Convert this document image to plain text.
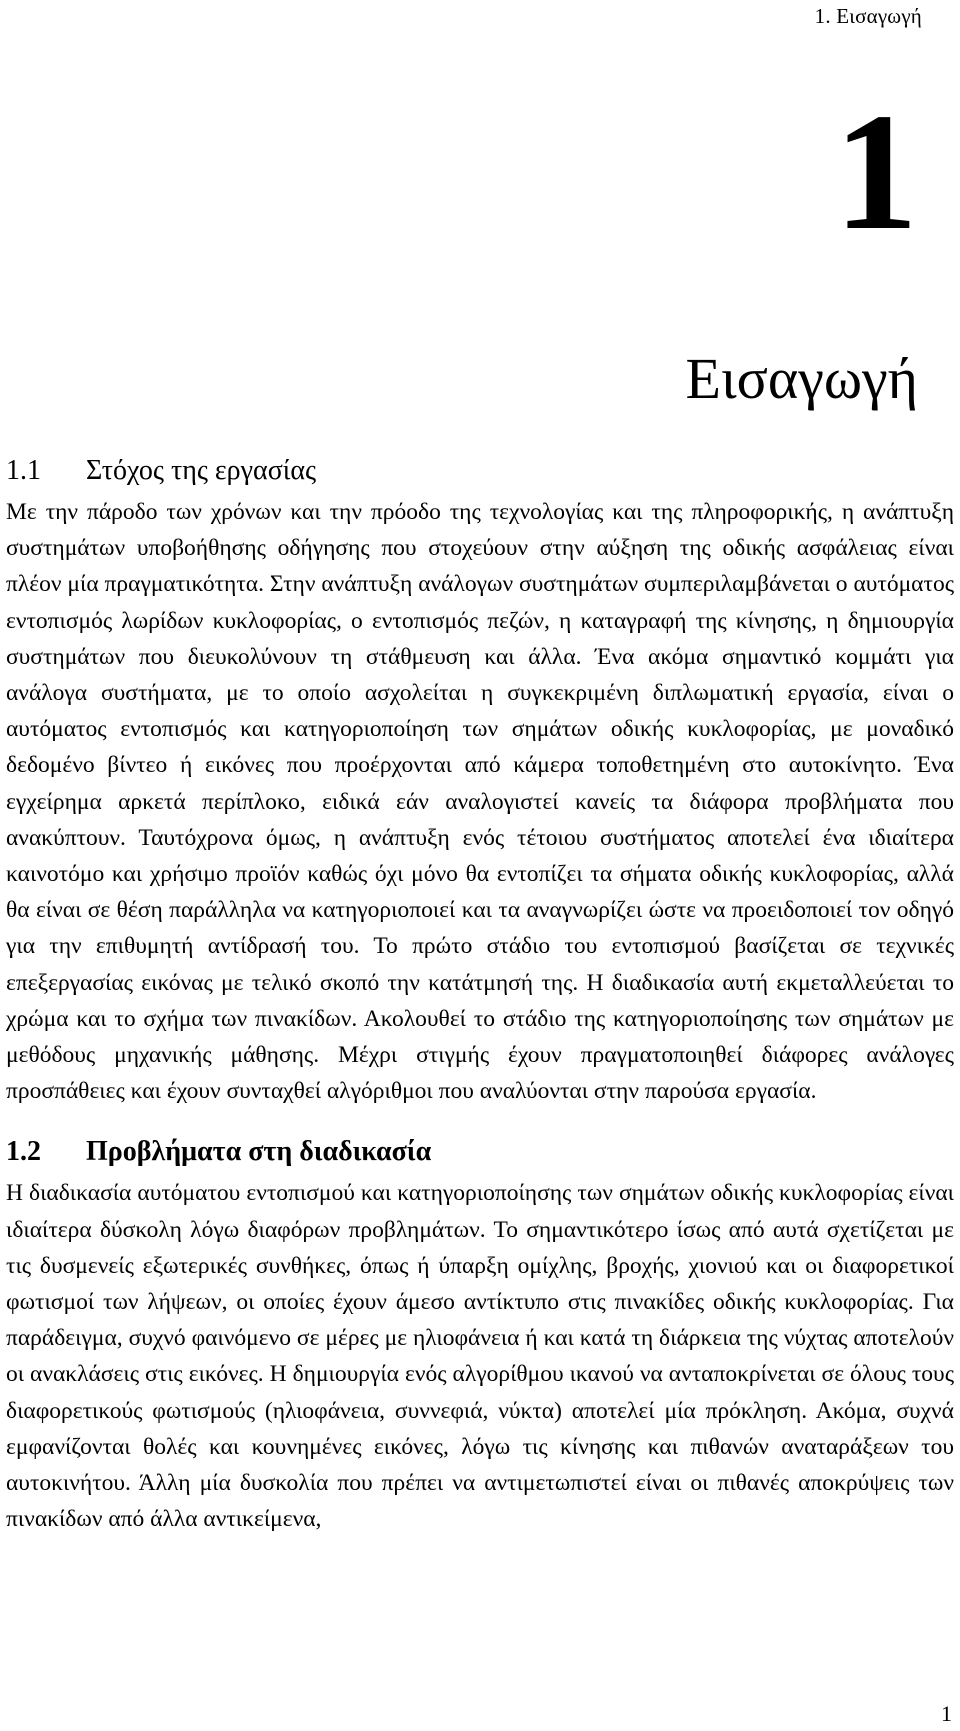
1. Εισαγωγή
1
Εισαγωγή
1.1	Στόχος της εργασίας

Με την πάροδο των χρόνων και την πρόοδο της τεχνολογίας και της πληροφορικής, η ανάπτυξη συστημάτων υποβοήθησης οδήγησης που στοχεύουν στην αύξηση της οδικής ασφάλειας είναι πλέον μία πραγματικότητα. Στην ανάπτυξη ανάλογων συστημάτων συμπεριλαμβάνεται ο αυτόματος εντοπισμός λωρίδων κυκλοφορίας, ο εντοπισμός πεζών, η καταγραφή της κίνησης, η δημιουργία συστημάτων που διευκολύνουν τη στάθμευση και άλλα. Ένα ακόμα σημαντικό κομμάτι για ανάλογα συστήματα, με το οποίο ασχολείται η συγκεκριμένη διπλωματική εργασία, είναι ο αυτόματος εντοπισμός και κατηγοριοποίηση των σημάτων οδικής κυκλοφορίας, με μοναδικό δεδομένο βίντεο ή εικόνες που προέρχονται από κάμερα τοποθετημένη στο αυτοκίνητο. Ένα εγχείρημα αρκετά περίπλοκο, ειδικά εάν αναλογιστεί κανείς τα διάφορα προβλήματα που ανακύπτουν. Ταυτόχρονα όμως, η ανάπτυξη ενός τέτοιου συστήματος αποτελεί ένα ιδιαίτερα καινοτόμο και χρήσιμο προϊόν καθώς όχι μόνο θα εντοπίζει τα σήματα οδικής κυκλοφορίας, αλλά θα είναι σε θέση παράλληλα να κατηγοριοποιεί και τα αναγνωρίζει ώστε να προειδοποιεί τον οδηγό για την επιθυμητή αντίδρασή του. Το πρώτο στάδιο του εντοπισμού βασίζεται σε τεχνικές επεξεργασίας εικόνας με τελικό σκοπό την κατάτμησή της. Η διαδικασία αυτή εκμεταλλεύεται το χρώμα και το σχήμα των πινακίδων. Ακολουθεί το στάδιο της κατηγοριοποίησης των σημάτων με μεθόδους μηχανικής μάθησης. Μέχρι στιγμής έχουν πραγματοποιηθεί διάφορες ανάλογες προσπάθειες και έχουν συνταχθεί αλγόριθμοι που αναλύονται στην παρούσα εργασία.

1.2	Προβλήματα στη διαδικασία

Η διαδικασία αυτόματου εντοπισμού και κατηγοριοποίησης των σημάτων οδικής κυκλοφορίας είναι ιδιαίτερα δύσκολη λόγω διαφόρων προβλημάτων. Το σημαντικότερο ίσως από αυτά σχετίζεται με τις δυσμενείς εξωτερικές συνθήκες, όπως ή ύπαρξη ομίχλης, βροχής, χιονιού και οι διαφορετικοί φωτισμοί των λήψεων, οι οποίες έχουν άμεσο αντίκτυπο στις πινακίδες οδικής κυκλοφορίας. Για παράδειγμα, συχνό φαινόμενο σε μέρες με ηλιοφάνεια ή και κατά τη διάρκεια της νύχτας αποτελούν οι ανακλάσεις στις εικόνες. Η δημιουργία ενός αλγορίθμου ικανού να ανταποκρίνεται σε όλους τους διαφορετικούς φωτισμούς (ηλιοφάνεια, συννεφιά, νύκτα) αποτελεί μία πρόκληση. Ακόμα, συχνά εμφανίζονται θολές και κουνημένες εικόνες, λόγω τις κίνησης και πιθανών αναταράξεων του αυτοκινήτου. Άλλη μία δυσκολία που πρέπει να αντιμετωπιστεί είναι οι πιθανές αποκρύψεις των πινακίδων από άλλα αντικείμενα,

1
